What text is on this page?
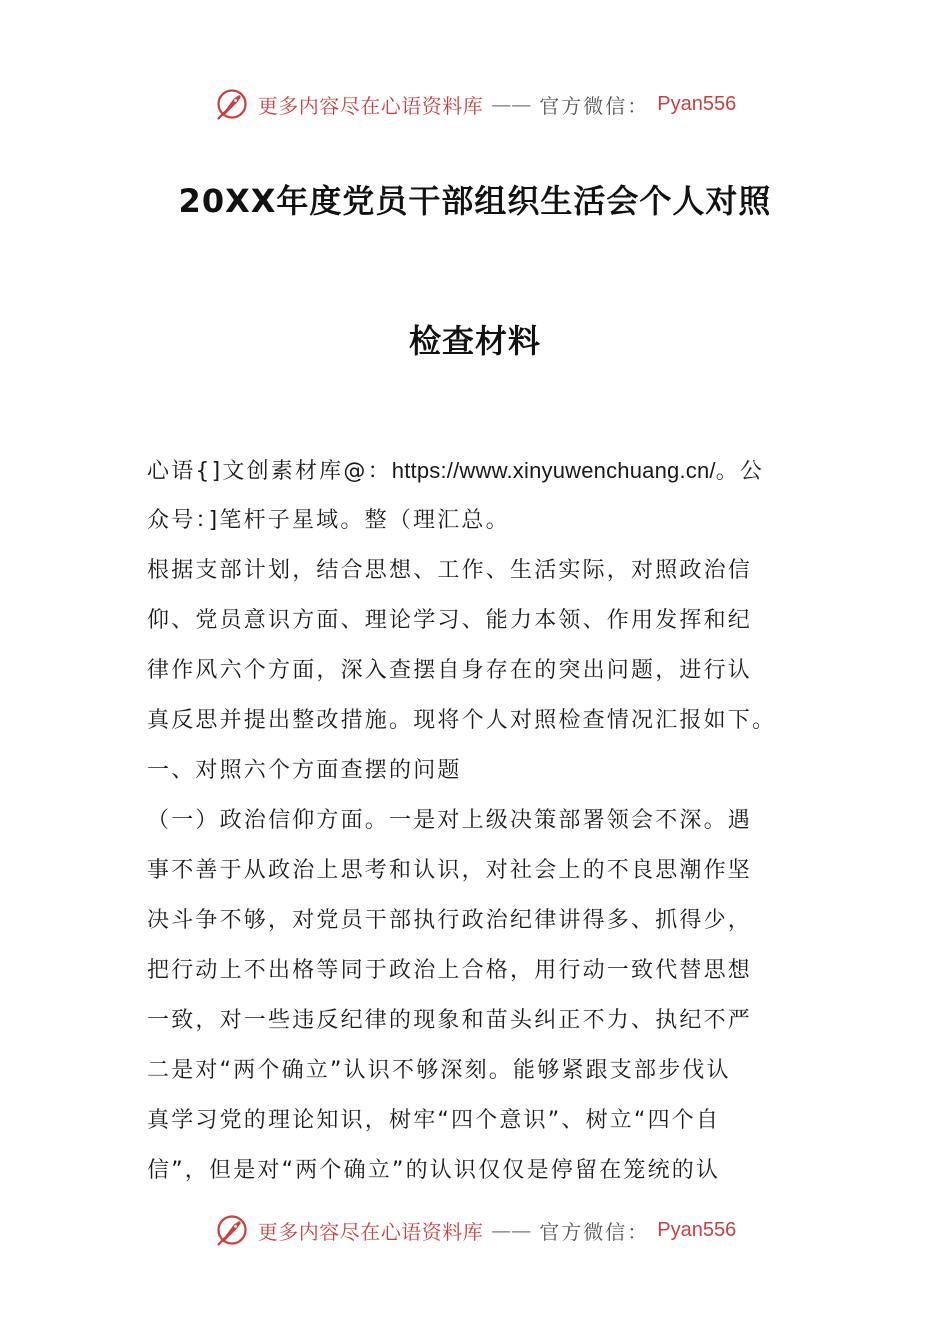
更多内容尽在心语资料库 —— 官方微信： Pyan556
20XX年度党员干部组织生活会个人对照
检查材料
心语{]文创素材库@：https://www.xinyuwenchuang.cn/。公
众号：]笔杆子星域。整（理汇总。
根据支部计划，结合思想、工作、生活实际，对照政治信
仰、党员意识方面、理论学习、能力本领、作用发挥和纪
律作风六个方面，深入查摆自身存在的突出问题，进行认
真反思并提出整改措施。现将个人对照检查情况汇报如下。
一、对照六个方面查摆的问题
（一）政治信仰方面。一是对上级决策部署领会不深。遇
事不善于从政治上思考和认识，对社会上的不良思潮作坚
决斗争不够，对党员干部执行政治纪律讲得多、抓得少，
把行动上不出格等同于政治上合格，用行动一致代替思想
一致，对一些违反纪律的现象和苗头纠正不力、执纪不严
二是对“两个确立”认识不够深刻。能够紧跟支部步伐认
真学习党的理论知识，树牢“四个意识”、树立“四个自
信”，但是对“两个确立”的认识仅仅是停留在笼统的认
更多内容尽在心语资料库 —— 官方微信： Pyan556
